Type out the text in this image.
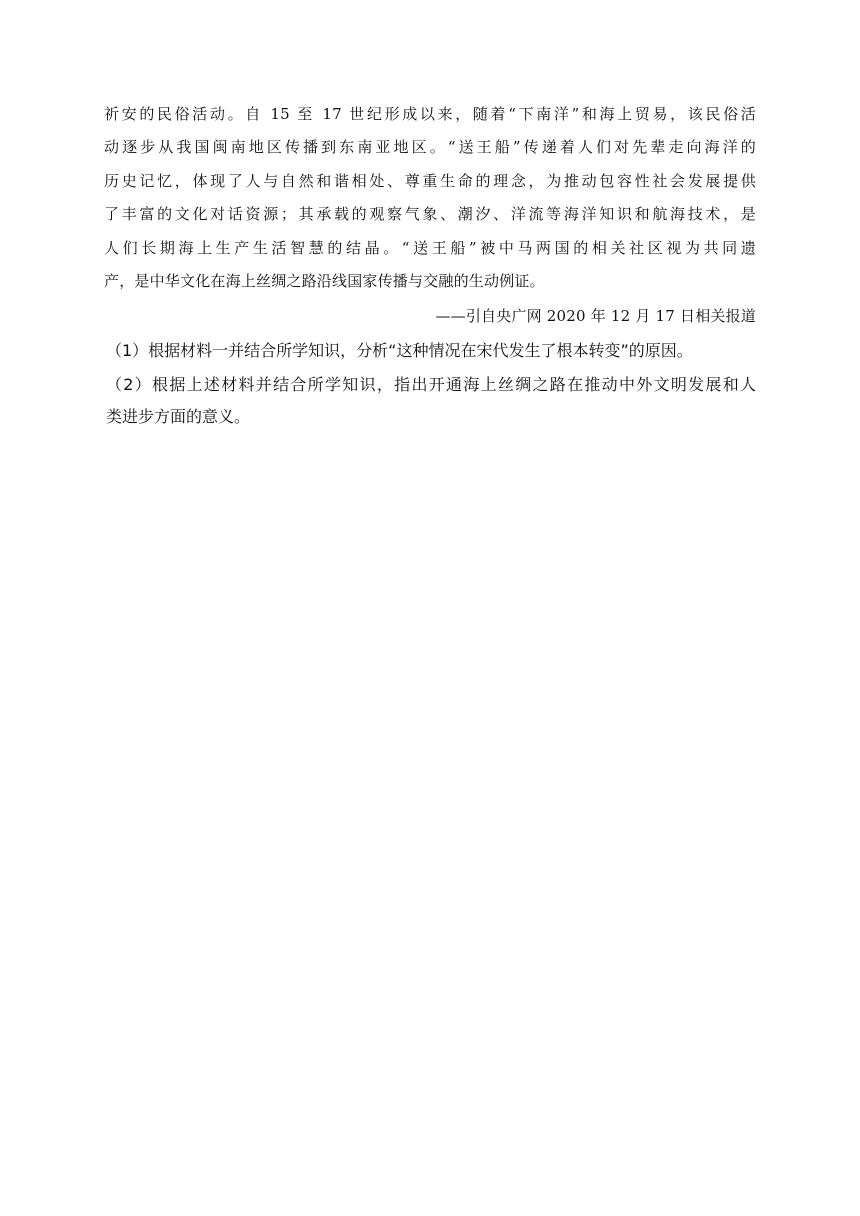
祈安的民俗活动。自 15 至 17 世纪形成以来，随着“下南洋”和海上贸易，该民俗活
动逐步从我国闽南地区传播到东南亚地区。“送王船”传递着人们对先辈走向海洋的
历史记忆，体现了人与自然和谐相处、尊重生命的理念，为推动包容性社会发展提供
了丰富的文化对话资源；其承载的观察气象、潮汐、洋流等海洋知识和航海技术，是
人们长期海上生产生活智慧的结晶。“送王船”被中马两国的相关社区视为共同遗
产，是中华文化在海上丝绸之路沿线国家传播与交融的生动例证。
——引自央广网 2020 年 12 月 17 日相关报道
（1）根据材料一并结合所学知识，分析“这种情况在宋代发生了根本转变”的原因。
（2）根据上述材料并结合所学知识，指出开通海上丝绸之路在推动中外文明发展和人
类进步方面的意义。
